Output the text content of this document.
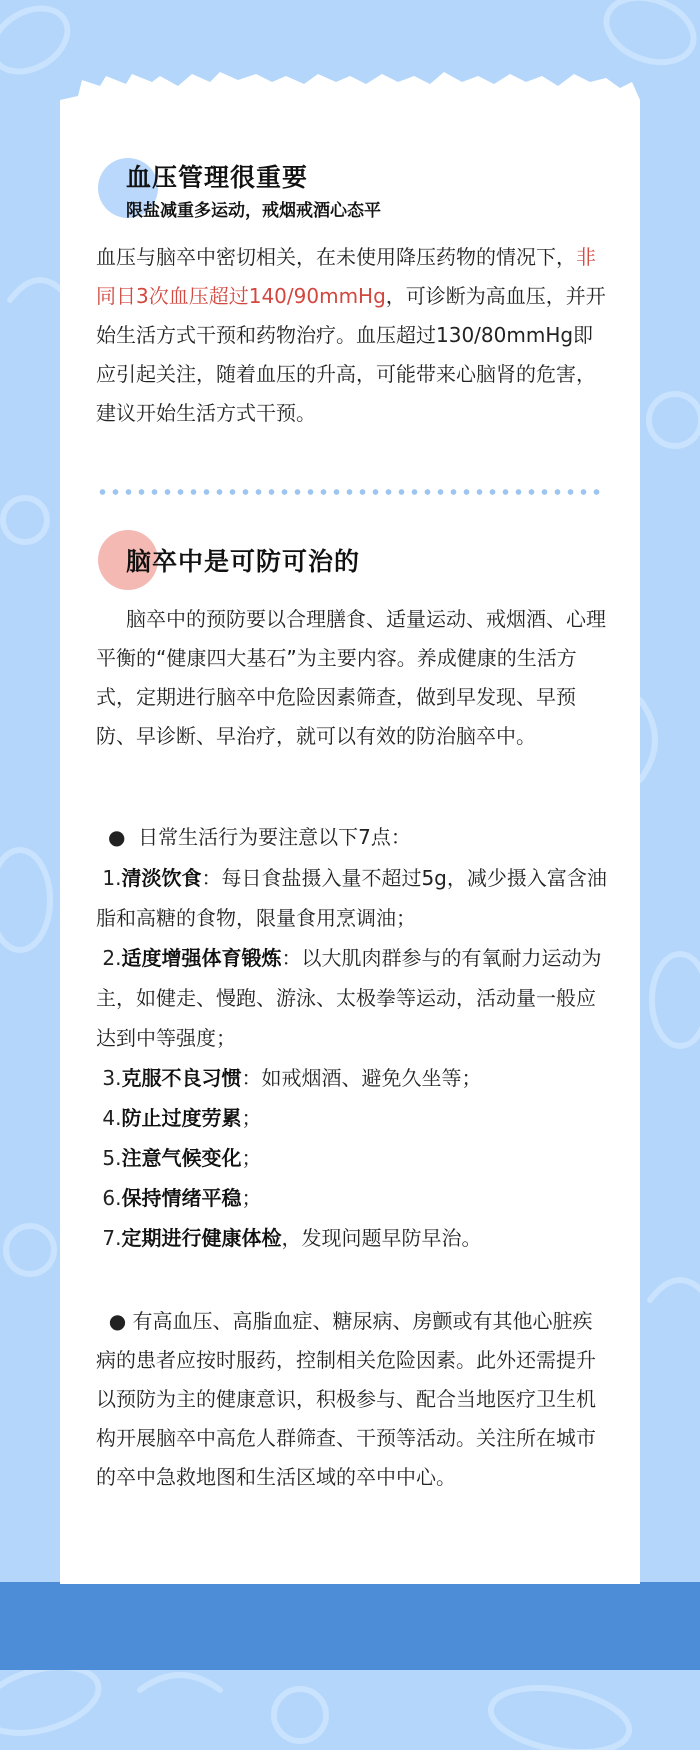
血压管理很重要
限盐减重多运动，戒烟戒酒心态平

血压与脑卒中密切相关，在未使用降压药物的情况下，非同日3次血压超过140/90mmHg，可诊断为高血压，并开始生活方式干预和药物治疗。血压超过130/80mmHg即应引起关注，随着血压的升高，可能带来心脑肾的危害，建议开始生活方式干预。

脑卒中是可防可治的

脑卒中的预防要以合理膳食、适量运动、戒烟酒、心理平衡的“健康四大基石”为主要内容。养成健康的生活方式，定期进行脑卒中危险因素筛查，做到早发现、早预防、早诊断、早治疗，就可以有效的防治脑卒中。

● 日常生活行为要注意以下7点：

1.清淡饮食：每日食盐摄入量不超过5g，减少摄入富含油脂和高糖的食物，限量食用烹调油；

2.适度增强体育锻炼：以大肌肉群参与的有氧耐力运动为主，如健走、慢跑、游泳、太极拳等运动，活动量一般应达到中等强度；

3.克服不良习惯：如戒烟酒、避免久坐等；

4.防止过度劳累；

5.注意气候变化；

6.保持情绪平稳；

7.定期进行健康体检，发现问题早防早治。

● 有高血压、高脂血症、糖尿病、房颤或有其他心脏疾病的患者应按时服药，控制相关危险因素。此外还需提升以预防为主的健康意识，积极参与、配合当地医疗卫生机构开展脑卒中高危人群筛查、干预等活动。关注所在城市的卒中急救地图和生活区域的卒中中心。
